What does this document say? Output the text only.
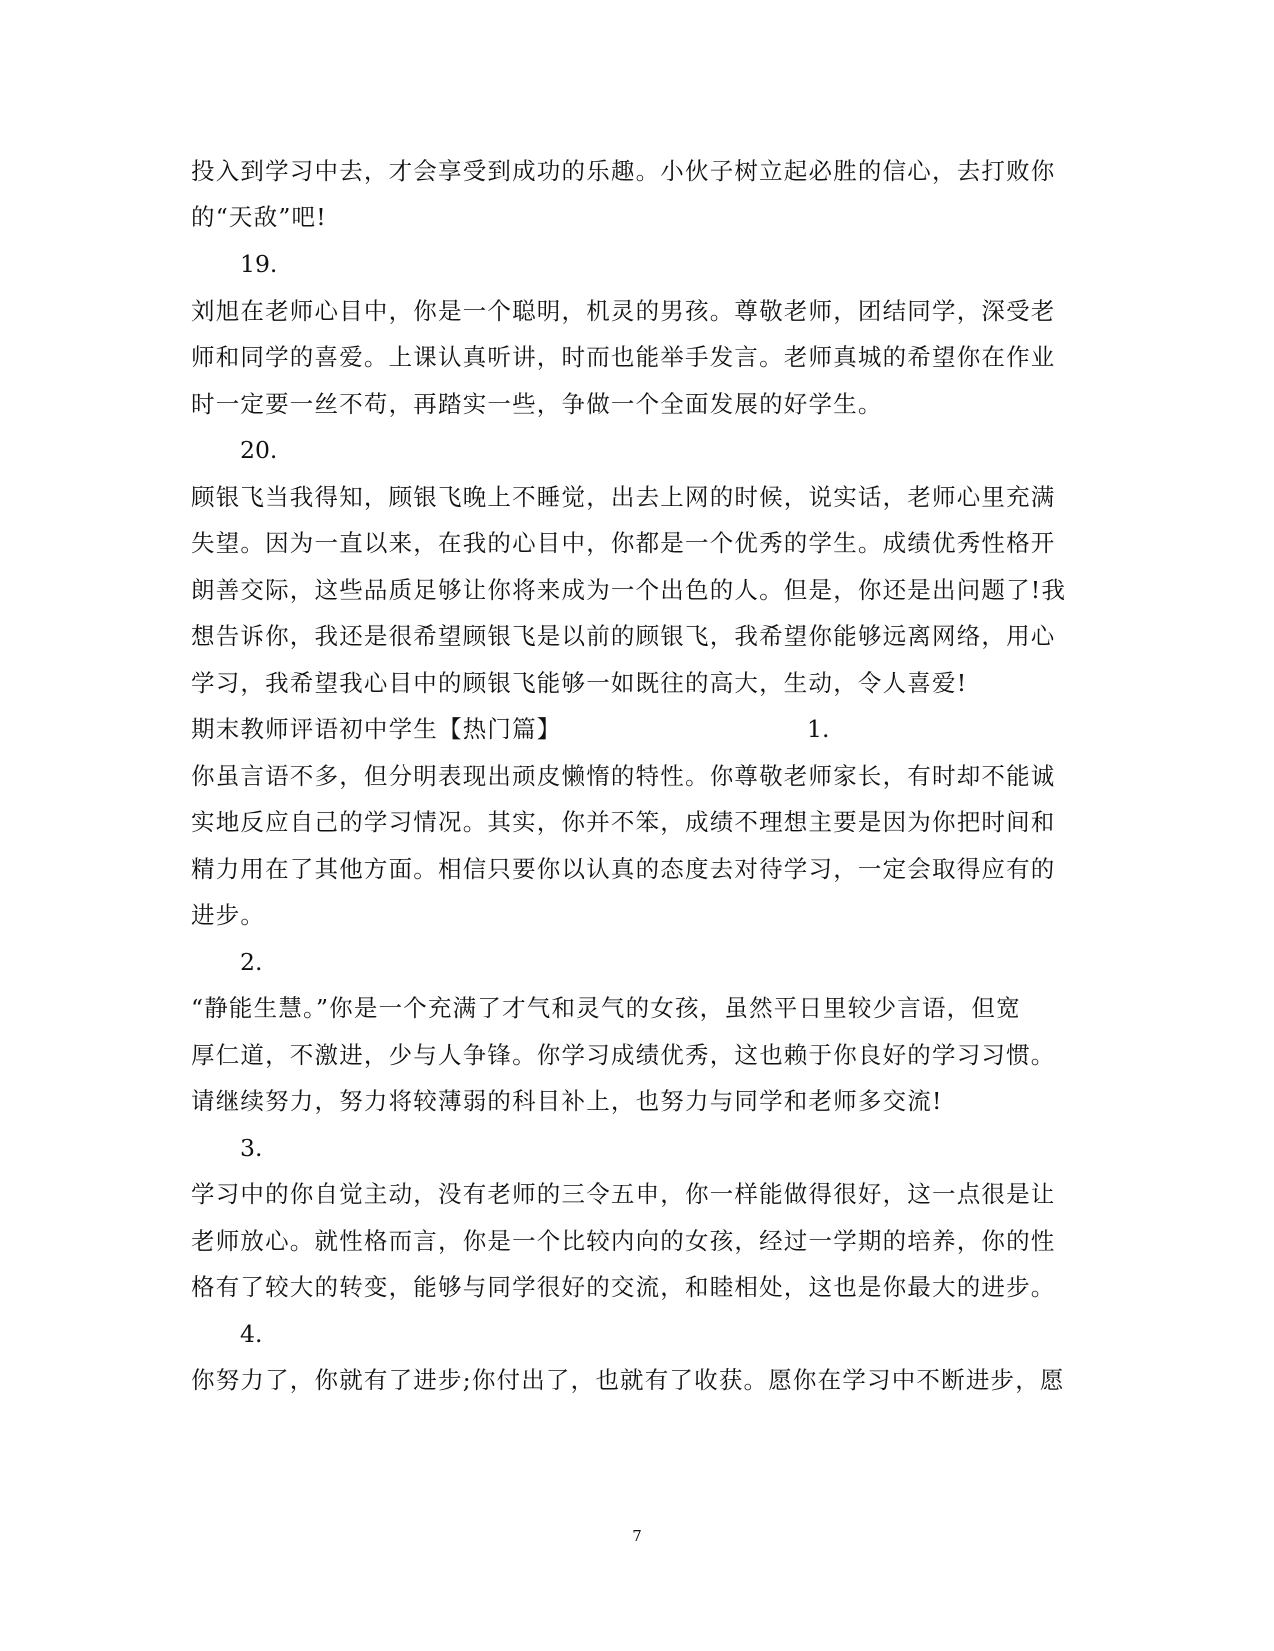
投入到学习中去，才会享受到成功的乐趣。小伙子树立起必胜的信心，去打败你
的“天敌”吧!
19.
刘旭在老师心目中，你是一个聪明，机灵的男孩。尊敬老师，团结同学，深受老
师和同学的喜爱。上课认真听讲，时而也能举手发言。老师真城的希望你在作业
时一定要一丝不苟，再踏实一些，争做一个全面发展的好学生。
20.
顾银飞当我得知，顾银飞晚上不睡觉，出去上网的时候，说实话，老师心里充满
失望。因为一直以来，在我的心目中，你都是一个优秀的学生。成绩优秀性格开
朗善交际，这些品质足够让你将来成为一个出色的人。但是，你还是出问题了!我
想告诉你，我还是很希望顾银飞是以前的顾银飞，我希望你能够远离网络，用心
学习，我希望我心目中的顾银飞能够一如既往的高大，生动，令人喜爱!
期末教师评语初中学生【热门篇】	1.
你虽言语不多，但分明表现出顽皮懒惰的特性。你尊敬老师家长，有时却不能诚
实地反应自己的学习情况。其实，你并不笨，成绩不理想主要是因为你把时间和
精力用在了其他方面。相信只要你以认真的态度去对待学习，一定会取得应有的
进步。
2.
“静能生慧。”你是一个充满了才气和灵气的女孩，虽然平日里较少言语，但宽
厚仁道，不激进，少与人争锋。你学习成绩优秀，这也赖于你良好的学习习惯。
请继续努力，努力将较薄弱的科目补上，也努力与同学和老师多交流!
3.
学习中的你自觉主动，没有老师的三令五申，你一样能做得很好，这一点很是让
老师放心。就性格而言，你是一个比较内向的女孩，经过一学期的培养，你的性
格有了较大的转变，能够与同学很好的交流，和睦相处，这也是你最大的进步。
4.
你努力了，你就有了进步;你付出了，也就有了收获。愿你在学习中不断进步，愿
7
